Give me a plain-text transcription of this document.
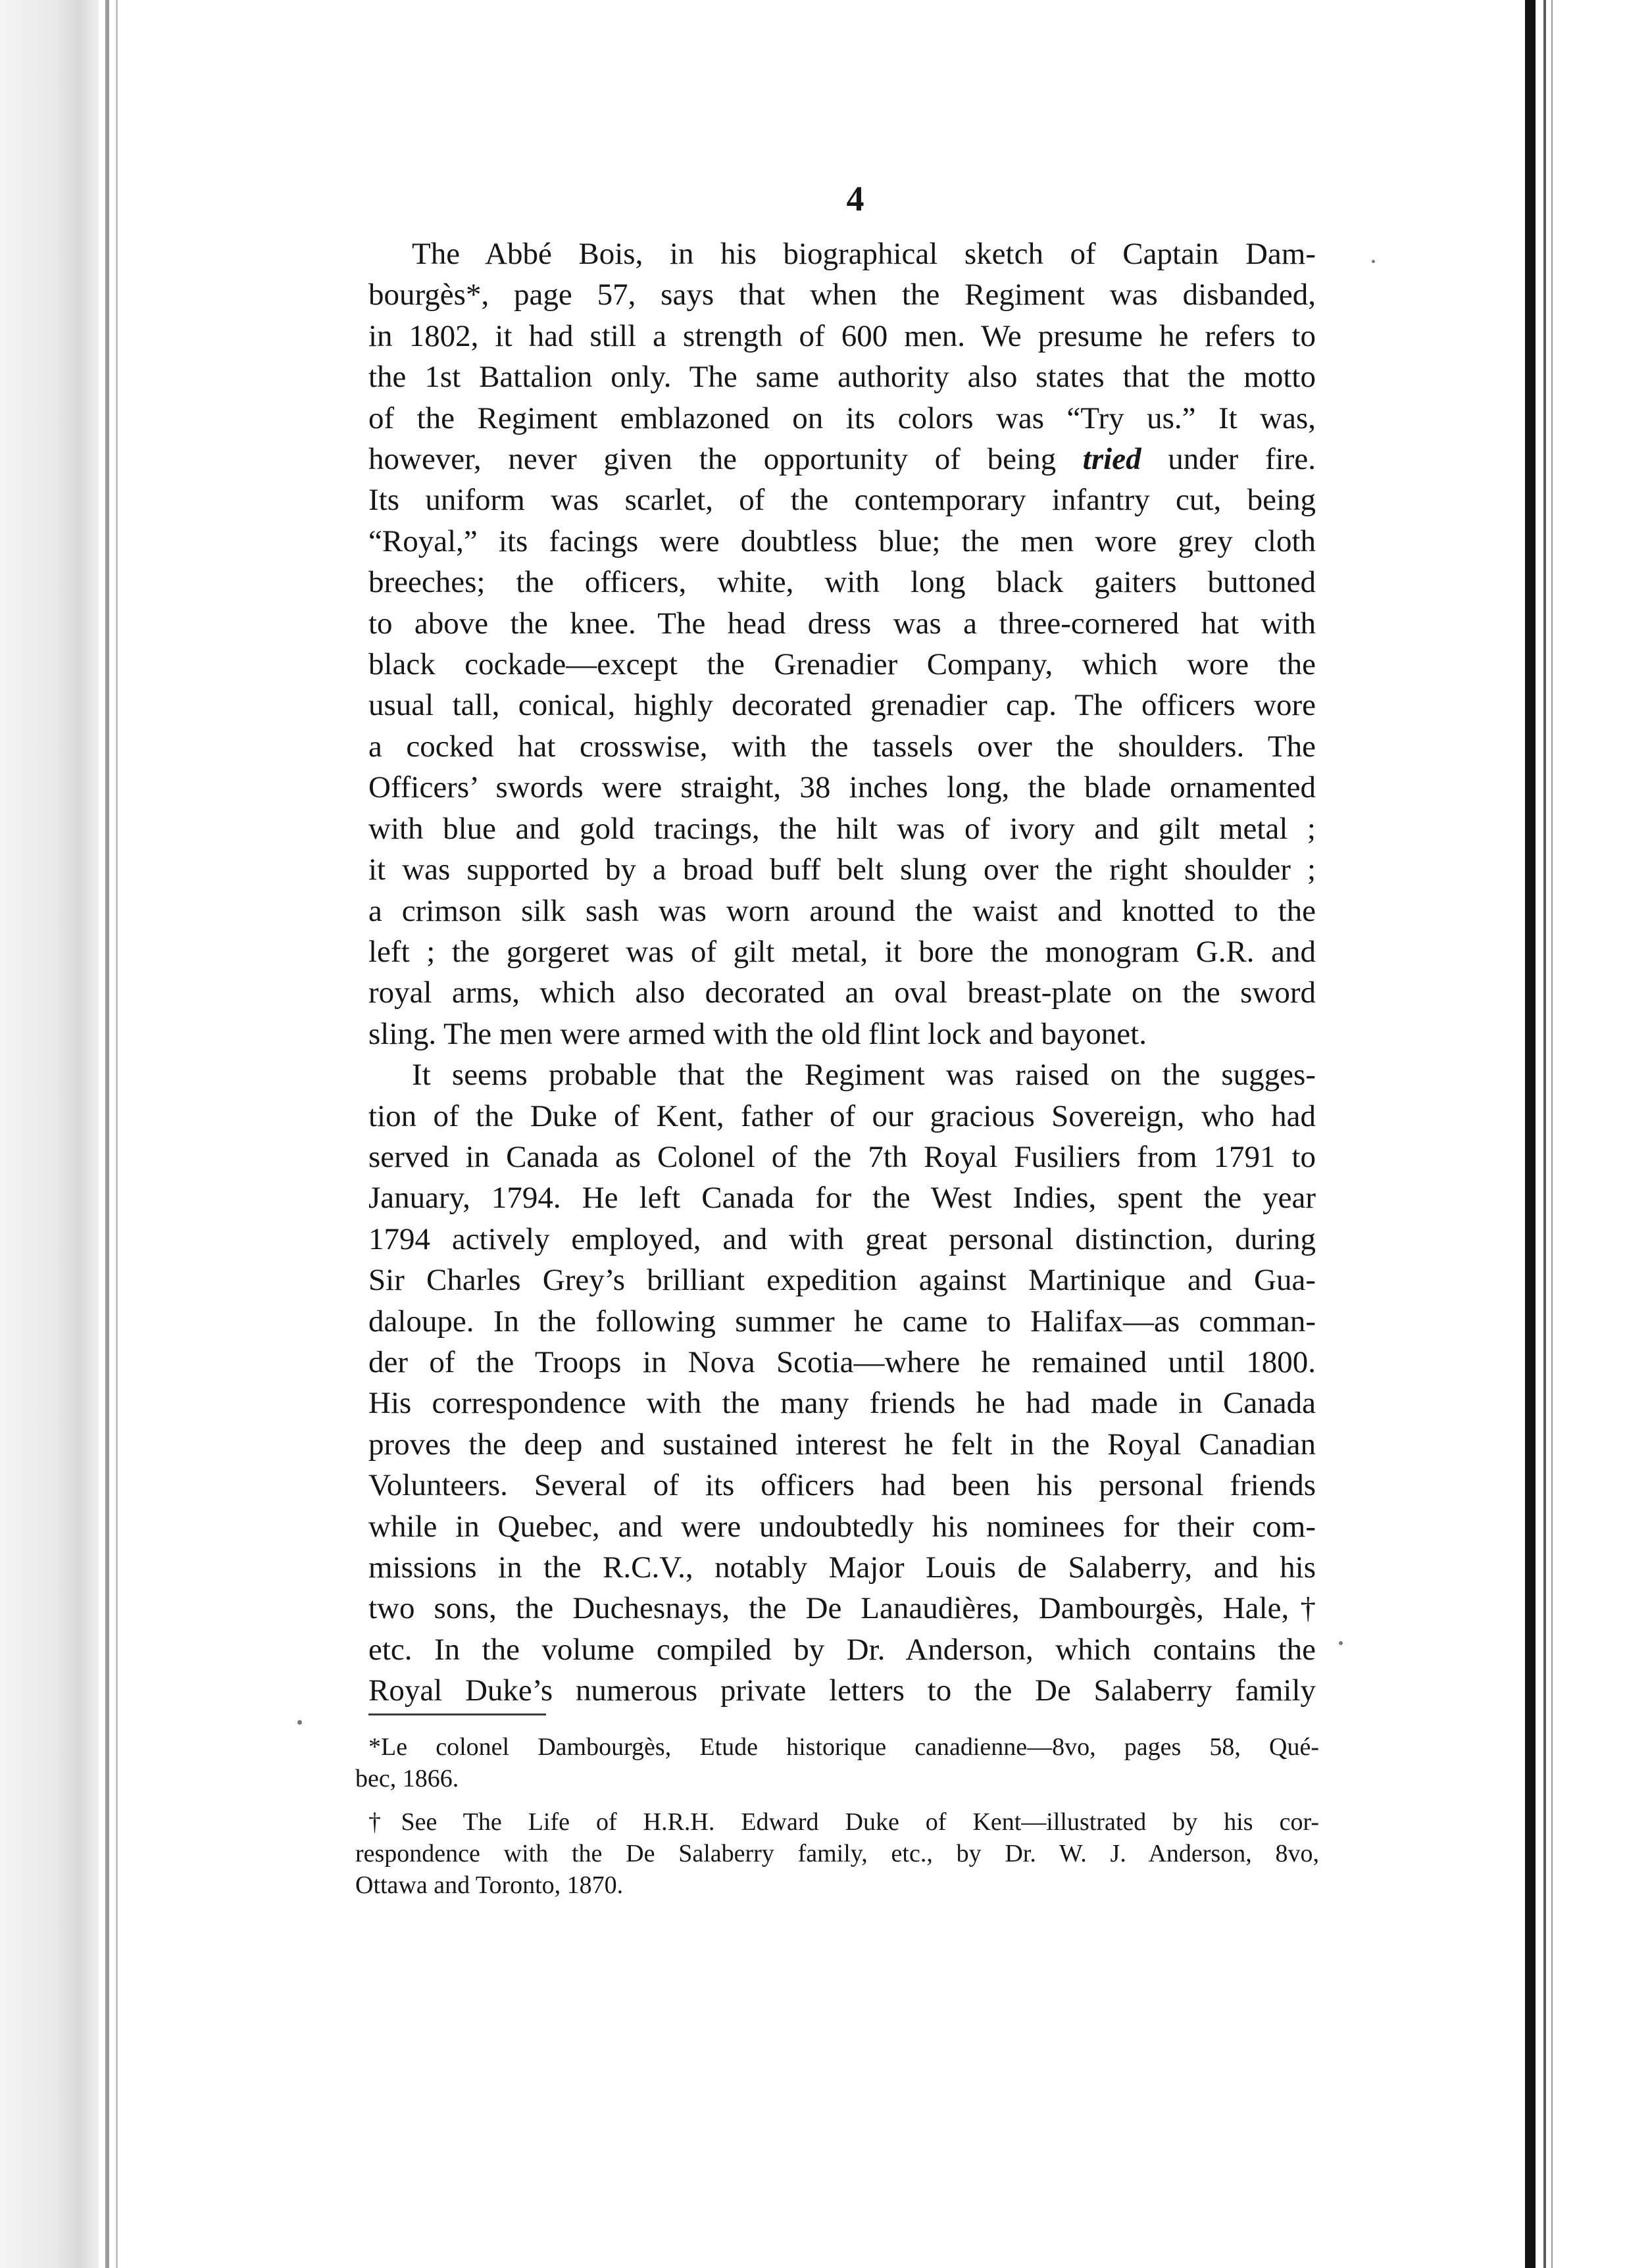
4
The Abbé Bois, in his biographical sketch of Captain Dam-
bourgès*, page 57, says that when the Regiment was disbanded,
in 1802, it had still a strength of 600 men. We presume he refers to
the 1st Battalion only. The same authority also states that the motto
of the Regiment emblazoned on its colors was “Try us.” It was,
however, never given the opportunity of being tried under fire.
Its uniform was scarlet, of the contemporary infantry cut, being
“Royal,” its facings were doubtless blue; the men wore grey cloth
breeches; the officers, white, with long black gaiters buttoned
to above the knee. The head dress was a three-cornered hat with
black cockade—except the Grenadier Company, which wore the
usual tall, conical, highly decorated grenadier cap. The officers wore
a cocked hat crosswise, with the tassels over the shoulders. The
Officers’ swords were straight, 38 inches long, the blade ornamented
with blue and gold tracings, the hilt was of ivory and gilt metal ;
it was supported by a broad buff belt slung over the right shoulder ;
a crimson silk sash was worn around the waist and knotted to the
left ; the gorgeret was of gilt metal, it bore the monogram G.R. and
royal arms, which also decorated an oval breast-plate on the sword
sling. The men were armed with the old flint lock and bayonet.
It seems probable that the Regiment was raised on the sugges-
tion of the Duke of Kent, father of our gracious Sovereign, who had
served in Canada as Colonel of the 7th Royal Fusiliers from 1791 to
January, 1794. He left Canada for the West Indies, spent the year
1794 actively employed, and with great personal distinction, during
Sir Charles Grey’s brilliant expedition against Martinique and Gua-
daloupe. In the following summer he came to Halifax—as comman-
der of the Troops in Nova Scotia—where he remained until 1800.
His correspondence with the many friends he had made in Canada
proves the deep and sustained interest he felt in the Royal Canadian
Volunteers. Several of its officers had been his personal friends
while in Quebec, and were undoubtedly his nominees for their com-
missions in the R.C.V., notably Major Louis de Salaberry, and his
two sons, the Duchesnays, the De Lanaudières, Dambourgès, Hale,†
etc. In the volume compiled by Dr. Anderson, which contains the
Royal Duke’s numerous private letters to the De Salaberry family
*Le colonel Dambourgès, Etude historique canadienne—8vo, pages 58, Qué-
bec, 1866.
†See The Life of H.R.H. Edward Duke of Kent—illustrated by his cor-
respondence with the De Salaberry family, etc., by Dr. W. J. Anderson, 8vo,
Ottawa and Toronto, 1870.
